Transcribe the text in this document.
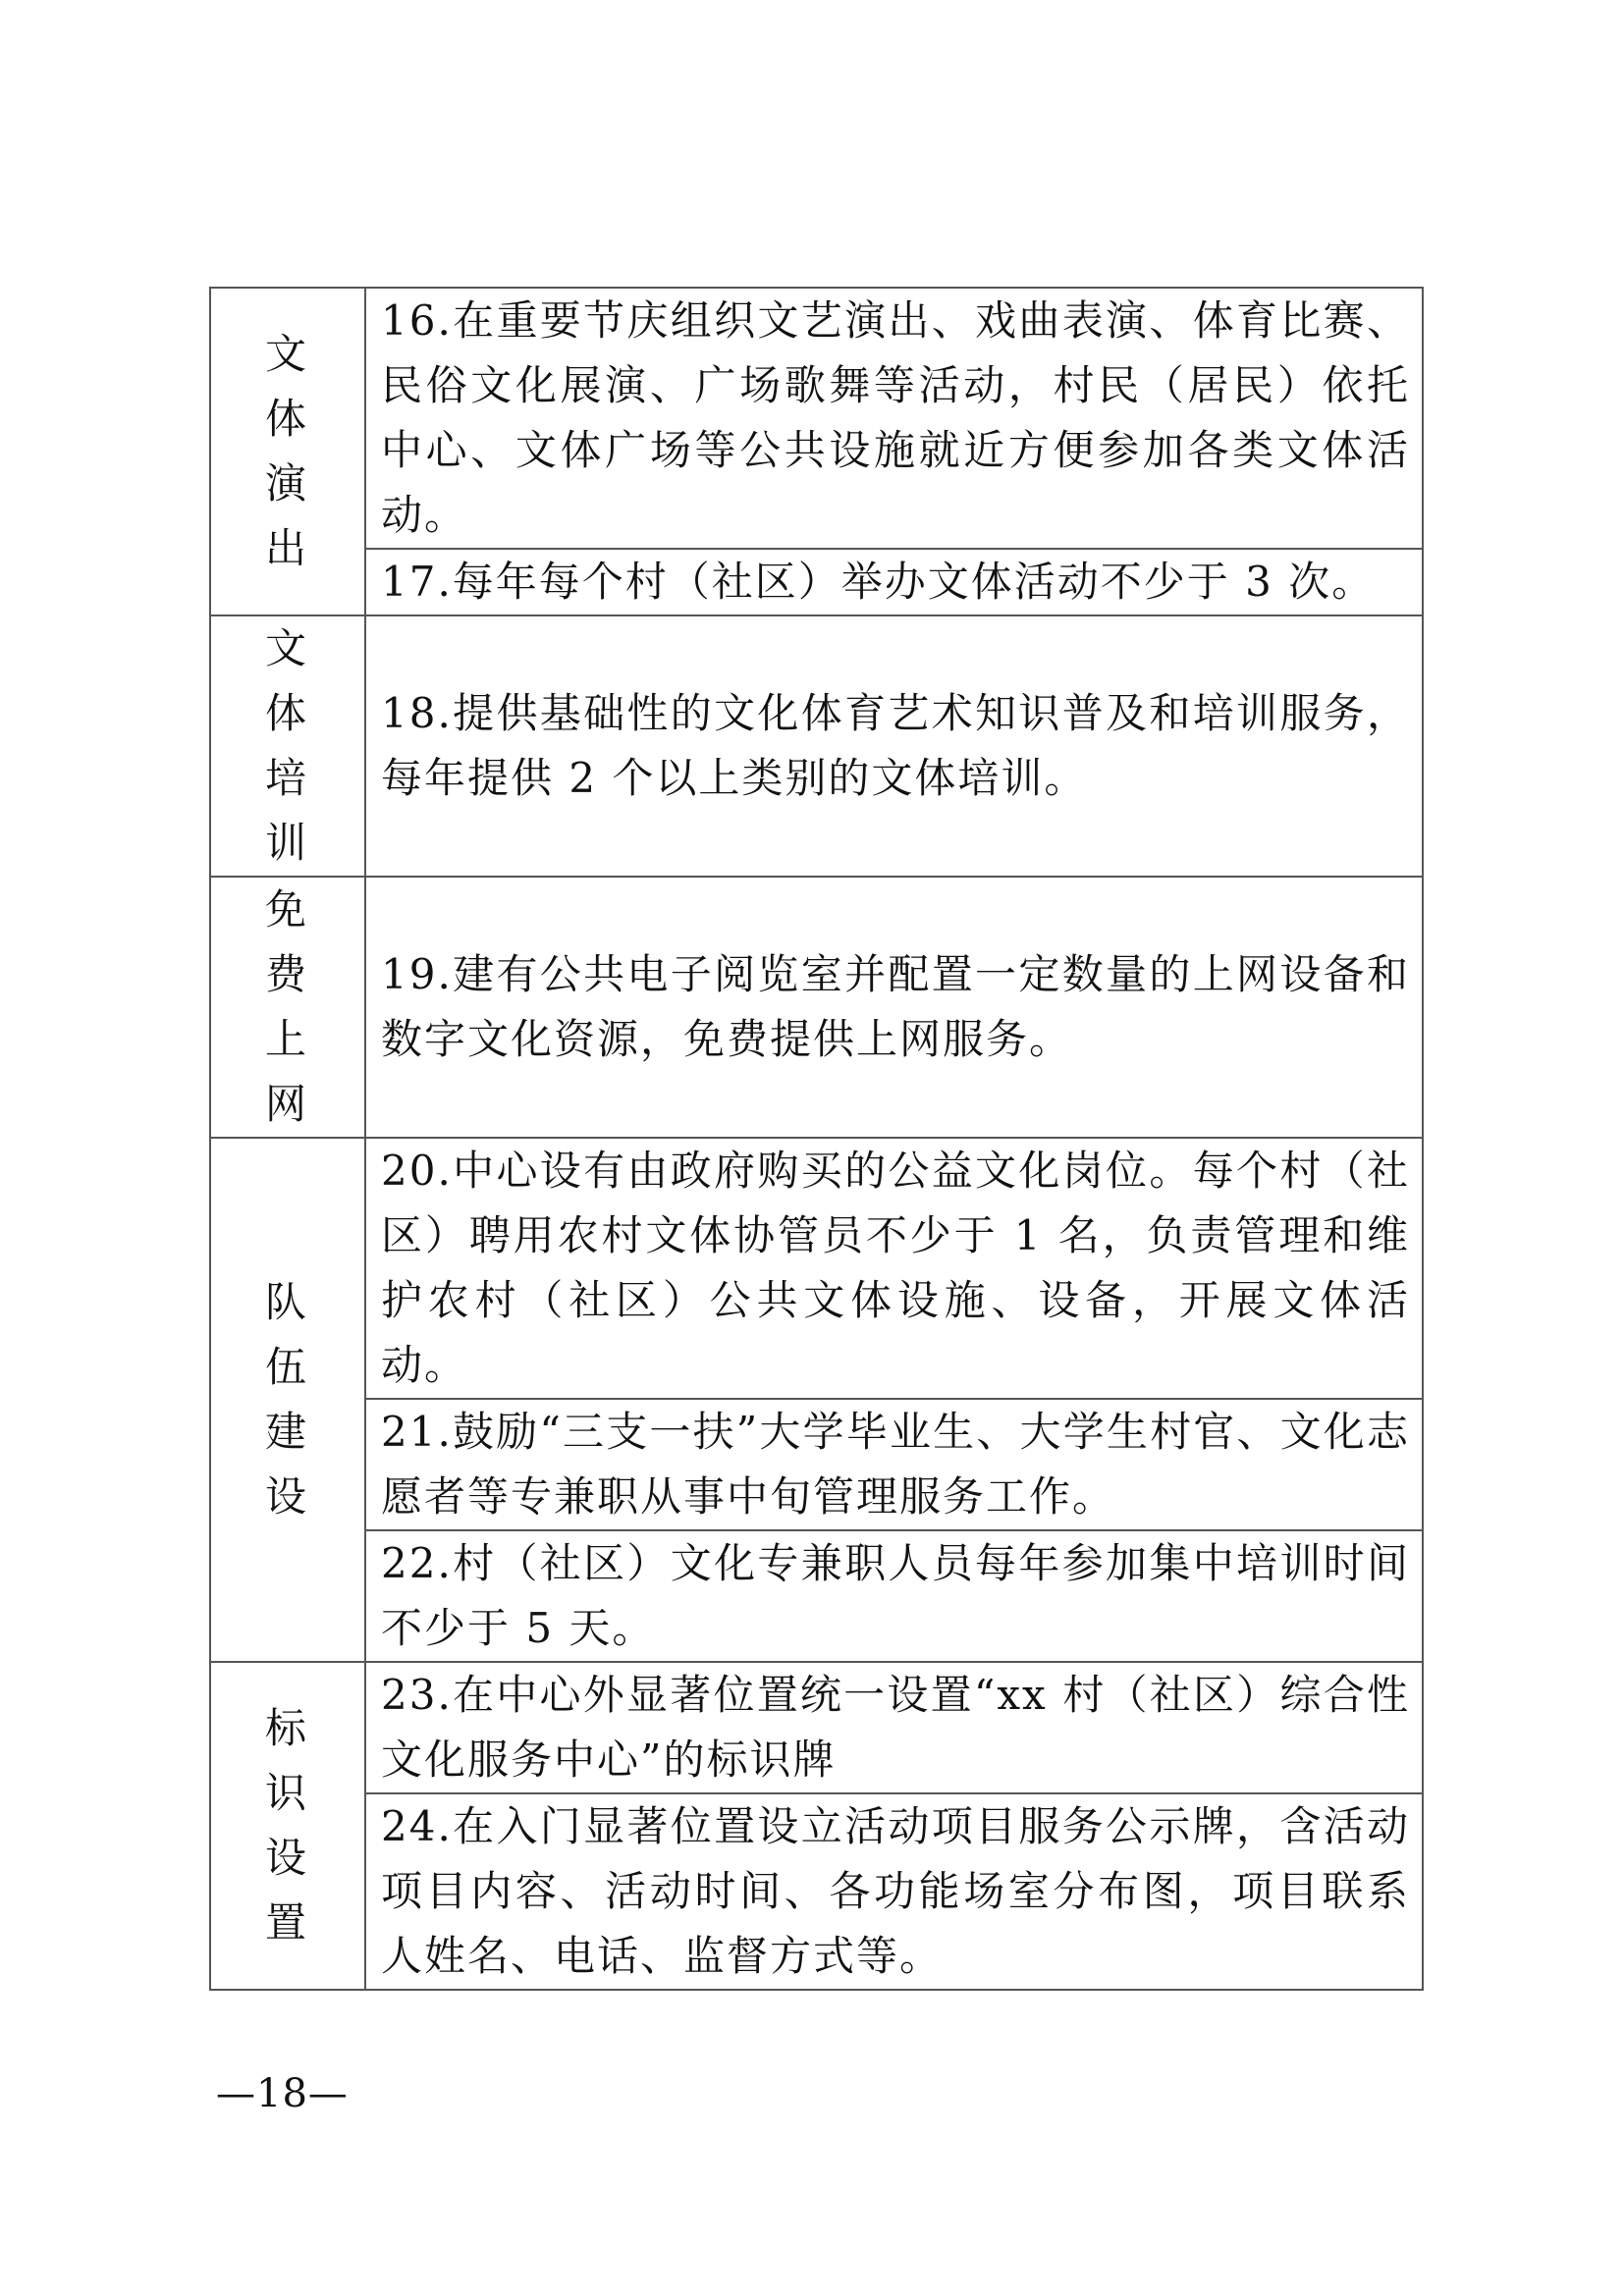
文体演出	16.在重要节庆组织文艺演出、戏曲表演、体育比赛、民俗文化展演、广场歌舞等活动，村民（居民）依托中心、文体广场等公共设施就近方便参加各类文体活动。

	17.每年每个村（社区）举办文体活动不少于 3 次。

文体培训	18.提供基础性的文化体育艺术知识普及和培训服务，每年提供 2 个以上类别的文体培训。

免费上网	19.建有公共电子阅览室并配置一定数量的上网设备和数字文化资源，免费提供上网服务。

队伍建设	20.中心设有由政府购买的公益文化岗位。每个村（社区）聘用农村文体协管员不少于 1 名，负责管理和维护农村（社区）公共文体设施、设备，开展文体活动。

	21.鼓励“三支一扶”大学毕业生、大学生村官、文化志愿者等专兼职从事中旬管理服务工作。

	22.村（社区）文化专兼职人员每年参加集中培训时间不少于 5 天。

标识设置	23.在中心外显著位置统一设置“xx 村（社区）综合性文化服务中心”的标识牌

	24.在入门显著位置设立活动项目服务公示牌，含活动项目内容、活动时间、各功能场室分布图，项目联系人姓名、电话、监督方式等。
—18—
